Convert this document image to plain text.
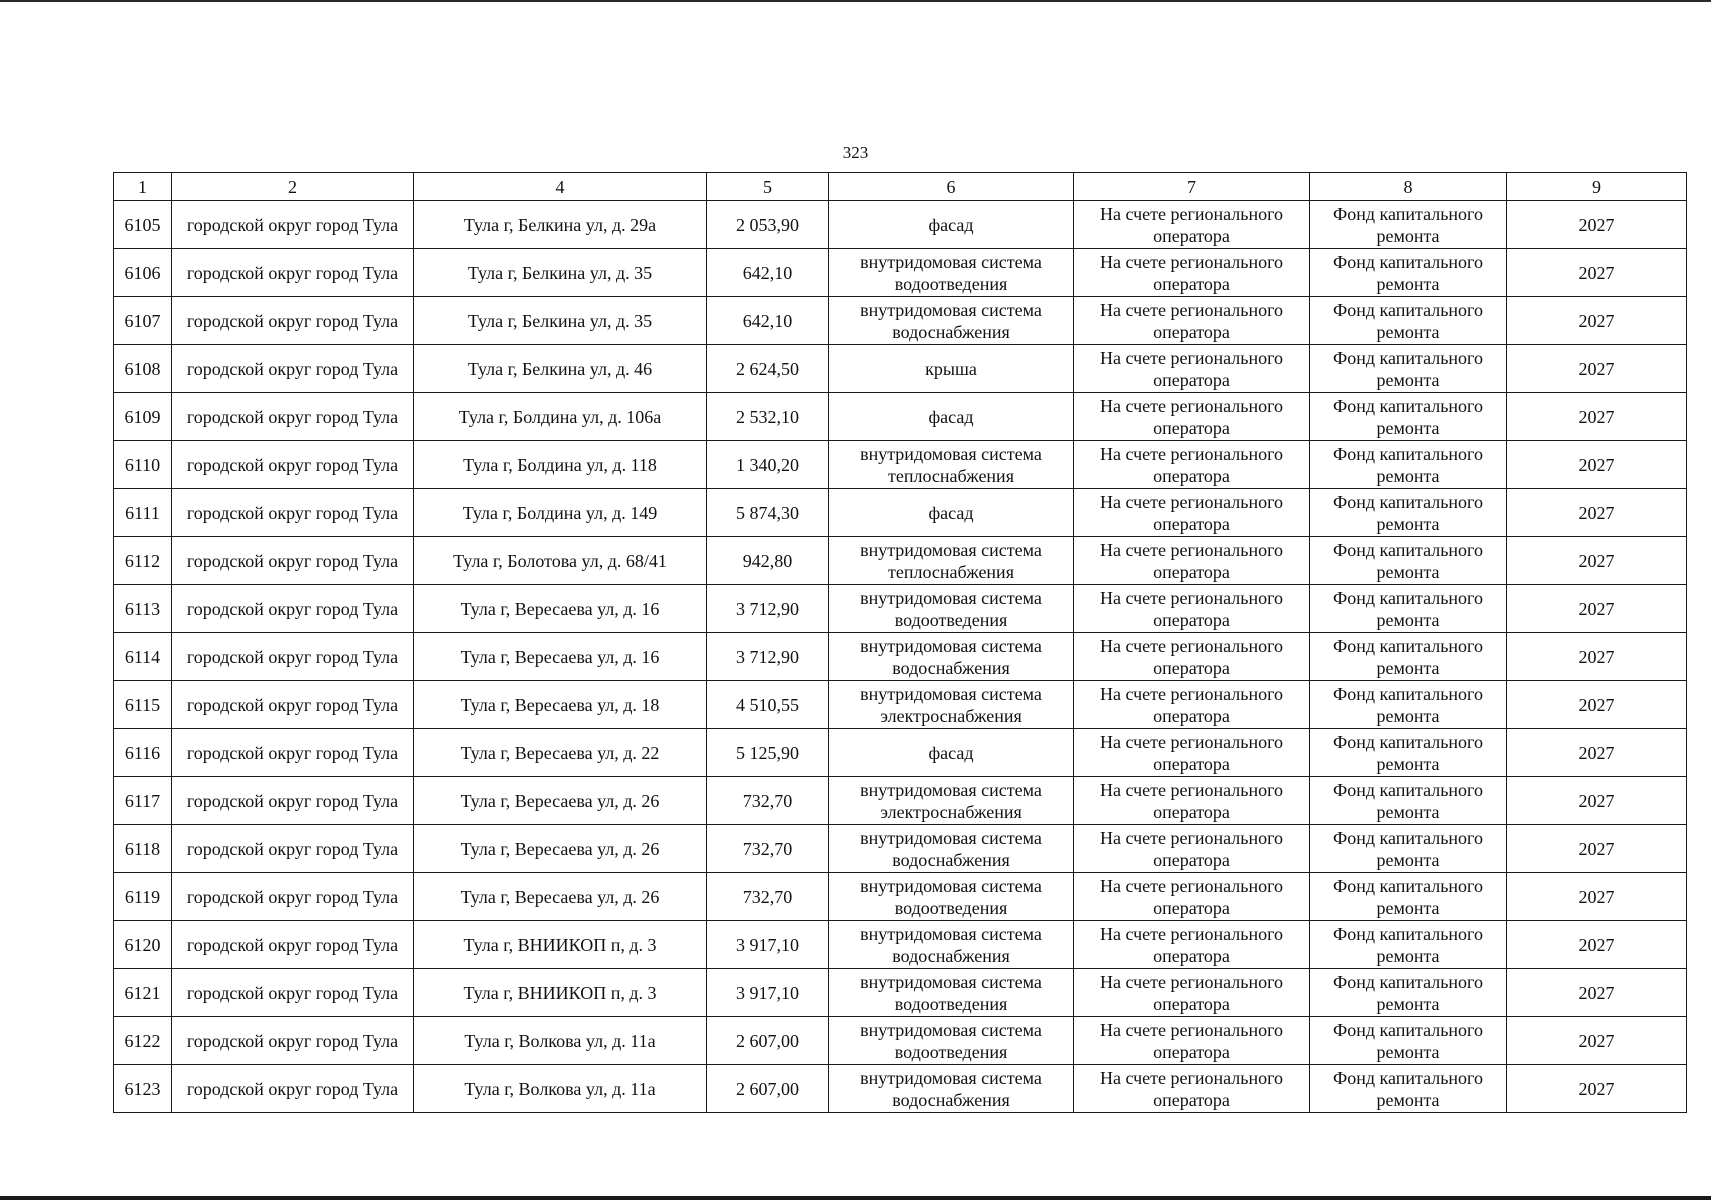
323
1	2	4	5	6	7	8	9
6105	городской округ город Тула	Тула г, Белкина ул, д. 29а	2 053,90	фасад	На счете регионального оператора	Фонд капитального ремонта	2027
6106	городской округ город Тула	Тула г, Белкина ул, д. 35	642,10	внутридомовая система водоотведения	На счете регионального оператора	Фонд капитального ремонта	2027
6107	городской округ город Тула	Тула г, Белкина ул, д. 35	642,10	внутридомовая система водоснабжения	На счете регионального оператора	Фонд капитального ремонта	2027
6108	городской округ город Тула	Тула г, Белкина ул, д. 46	2 624,50	крыша	На счете регионального оператора	Фонд капитального ремонта	2027
6109	городской округ город Тула	Тула г, Болдина ул, д. 106а	2 532,10	фасад	На счете регионального оператора	Фонд капитального ремонта	2027
6110	городской округ город Тула	Тула г, Болдина ул, д. 118	1 340,20	внутридомовая система теплоснабжения	На счете регионального оператора	Фонд капитального ремонта	2027
6111	городской округ город Тула	Тула г, Болдина ул, д. 149	5 874,30	фасад	На счете регионального оператора	Фонд капитального ремонта	2027
6112	городской округ город Тула	Тула г, Болотова ул, д. 68/41	942,80	внутридомовая система теплоснабжения	На счете регионального оператора	Фонд капитального ремонта	2027
6113	городской округ город Тула	Тула г, Вересаева ул, д. 16	3 712,90	внутридомовая система водоотведения	На счете регионального оператора	Фонд капитального ремонта	2027
6114	городской округ город Тула	Тула г, Вересаева ул, д. 16	3 712,90	внутридомовая система водоснабжения	На счете регионального оператора	Фонд капитального ремонта	2027
6115	городской округ город Тула	Тула г, Вересаева ул, д. 18	4 510,55	внутридомовая система электроснабжения	На счете регионального оператора	Фонд капитального ремонта	2027
6116	городской округ город Тула	Тула г, Вересаева ул, д. 22	5 125,90	фасад	На счете регионального оператора	Фонд капитального ремонта	2027
6117	городской округ город Тула	Тула г, Вересаева ул, д. 26	732,70	внутридомовая система электроснабжения	На счете регионального оператора	Фонд капитального ремонта	2027
6118	городской округ город Тула	Тула г, Вересаева ул, д. 26	732,70	внутридомовая система водоснабжения	На счете регионального оператора	Фонд капитального ремонта	2027
6119	городской округ город Тула	Тула г, Вересаева ул, д. 26	732,70	внутридомовая система водоотведения	На счете регионального оператора	Фонд капитального ремонта	2027
6120	городской округ город Тула	Тула г, ВНИИКОП п, д. 3	3 917,10	внутридомовая система водоснабжения	На счете регионального оператора	Фонд капитального ремонта	2027
6121	городской округ город Тула	Тула г, ВНИИКОП п, д. 3	3 917,10	внутридомовая система водоотведения	На счете регионального оператора	Фонд капитального ремонта	2027
6122	городской округ город Тула	Тула г, Волкова ул, д. 11а	2 607,00	внутридомовая система водоотведения	На счете регионального оператора	Фонд капитального ремонта	2027
6123	городской округ город Тула	Тула г, Волкова ул, д. 11а	2 607,00	внутридомовая система водоснабжения	На счете регионального оператора	Фонд капитального ремонта	2027
